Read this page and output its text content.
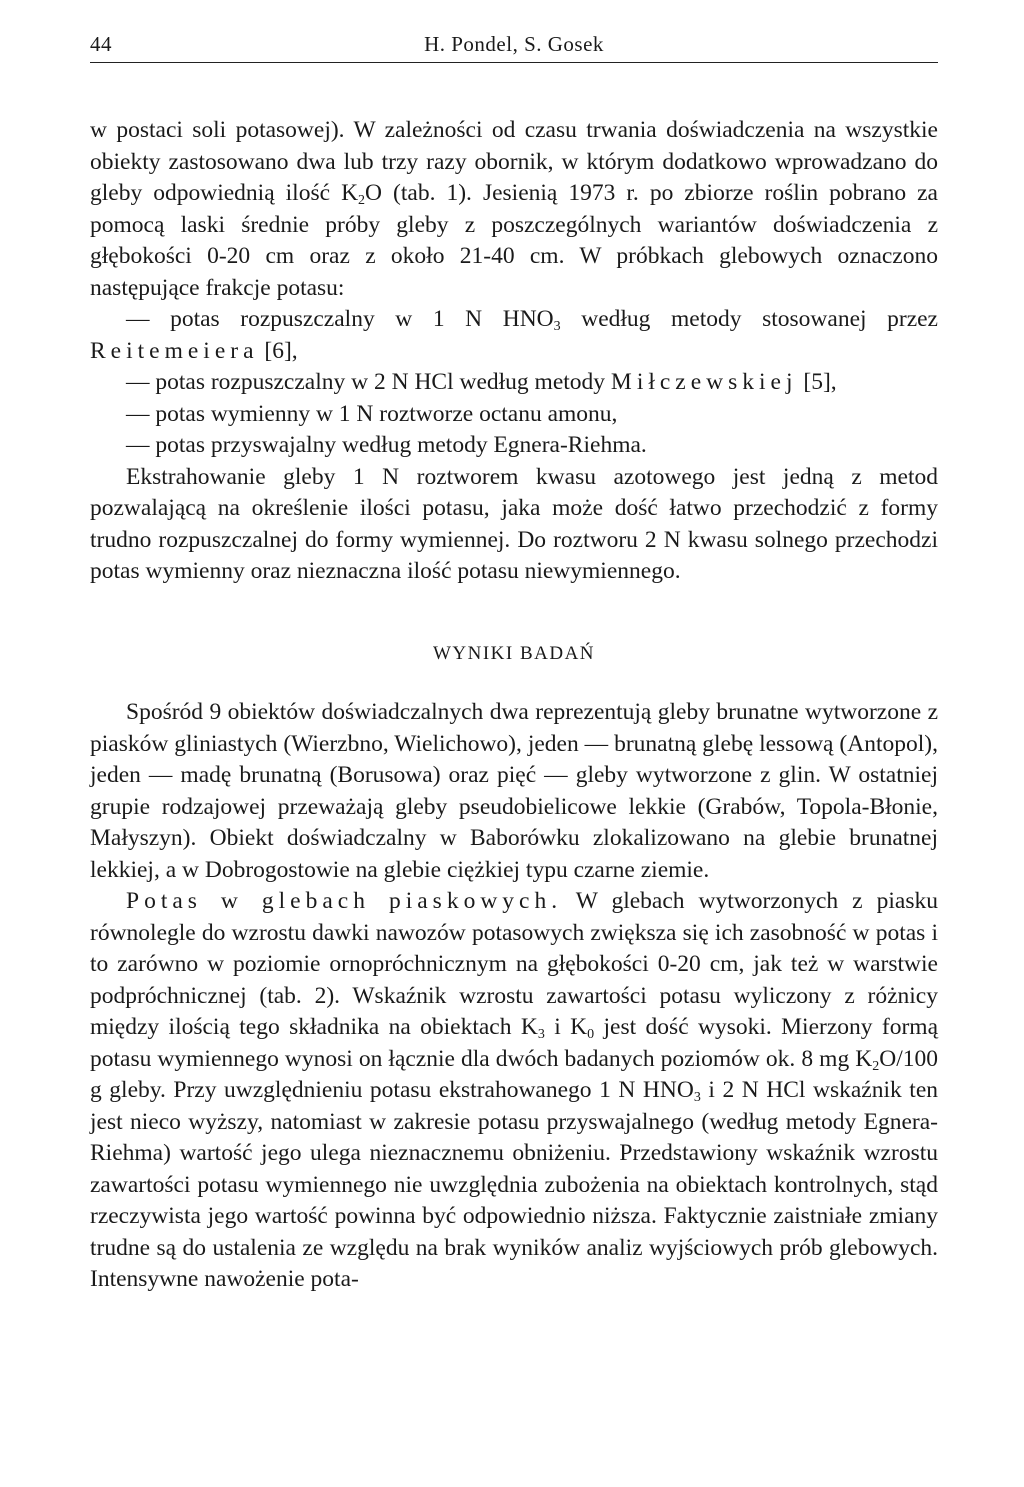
44	H. Pondel, S. Gosek

w postaci soli potasowej). W zależności od czasu trwania doświadczenia na wszystkie obiekty zastosowano dwa lub trzy razy obornik, w którym dodatkowo wprowadzano do gleby odpowiednią ilość $K_2O$ (tab. 1). Jesienią 1973 r. po zbiorze roślin pobrano za pomocą laski średnie próby gleby z poszczególnych wariantów doświadczenia z głębokości 0-20 cm oraz z około 21-40 cm. W próbkach glebowych oznaczono następujące frakcje potasu:

— potas rozpuszczalny w 1 N $HNO_3$ według metody stosowanej przez Reitemeiera [6],

— potas rozpuszczalny w 2 N HCl według metody Miłczewskiej [5],

— potas wymienny w 1 N roztworze octanu amonu,

— potas przyswajalny według metody Egnera-Riehma.

Ekstrahowanie gleby 1 N roztworem kwasu azotowego jest jedną z metod pozwalającą na określenie ilości potasu, jaka może dość łatwo przechodzić z formy trudno rozpuszczalnej do formy wymiennej. Do roztworu 2 N kwasu solnego przechodzi potas wymienny oraz nieznaczna ilość potasu niewymiennego.

WYNIKI BADAŃ

Spośród 9 obiektów doświadczalnych dwa reprezentują gleby brunatne wytworzone z piasków gliniastych (Wierzbno, Wielichowo), jeden — brunatną glebę lessową (Antopol), jeden — madę brunatną (Borusowa) oraz pięć — gleby wytworzone z glin. W ostatniej grupie rodzajowej przeważają gleby pseudobielicowe lekkie (Grabów, Topola-Błonie, Małyszyn). Obiekt doświadczalny w Baborówku zlokalizowano na glebie brunatnej lekkiej, a w Dobrogostowie na glebie ciężkiej typu czarne ziemie.

Potas w glebach piaskowych. W glebach wytworzonych z piasku równolegle do wzrostu dawki nawozów potasowych zwiększa się ich zasobność w potas i to zarówno w poziomie ornopróchnicznym na głębokości 0-20 cm, jak też w warstwie podpróchnicznej (tab. 2). Wskaźnik wzrostu zawartości potasu wyliczony z różnicy między ilością tego składnika na obiektach $K_3$ i $K_0$ jest dość wysoki. Mierzony formą potasu wymiennego wynosi on łącznie dla dwóch badanych poziomów ok. 8 mg $K_2O/100$ g gleby. Przy uwzględnieniu potasu ekstrahowanego 1 N $HNO_3$ i 2 N HCl wskaźnik ten jest nieco wyższy, natomiast w zakresie potasu przyswajalnego (według metody Egnera-Riehma) wartość jego ulega nieznacznemu obniżeniu. Przedstawiony wskaźnik wzrostu zawartości potasu wymiennego nie uwzględnia zubożenia na obiektach kontrolnych, stąd rzeczywista jego wartość powinna być odpowiednio niższa. Faktycznie zaistniałe zmiany trudne są do ustalenia ze względu na brak wyników analiz wyjściowych prób glebowych. Intensywne nawożenie pota-
